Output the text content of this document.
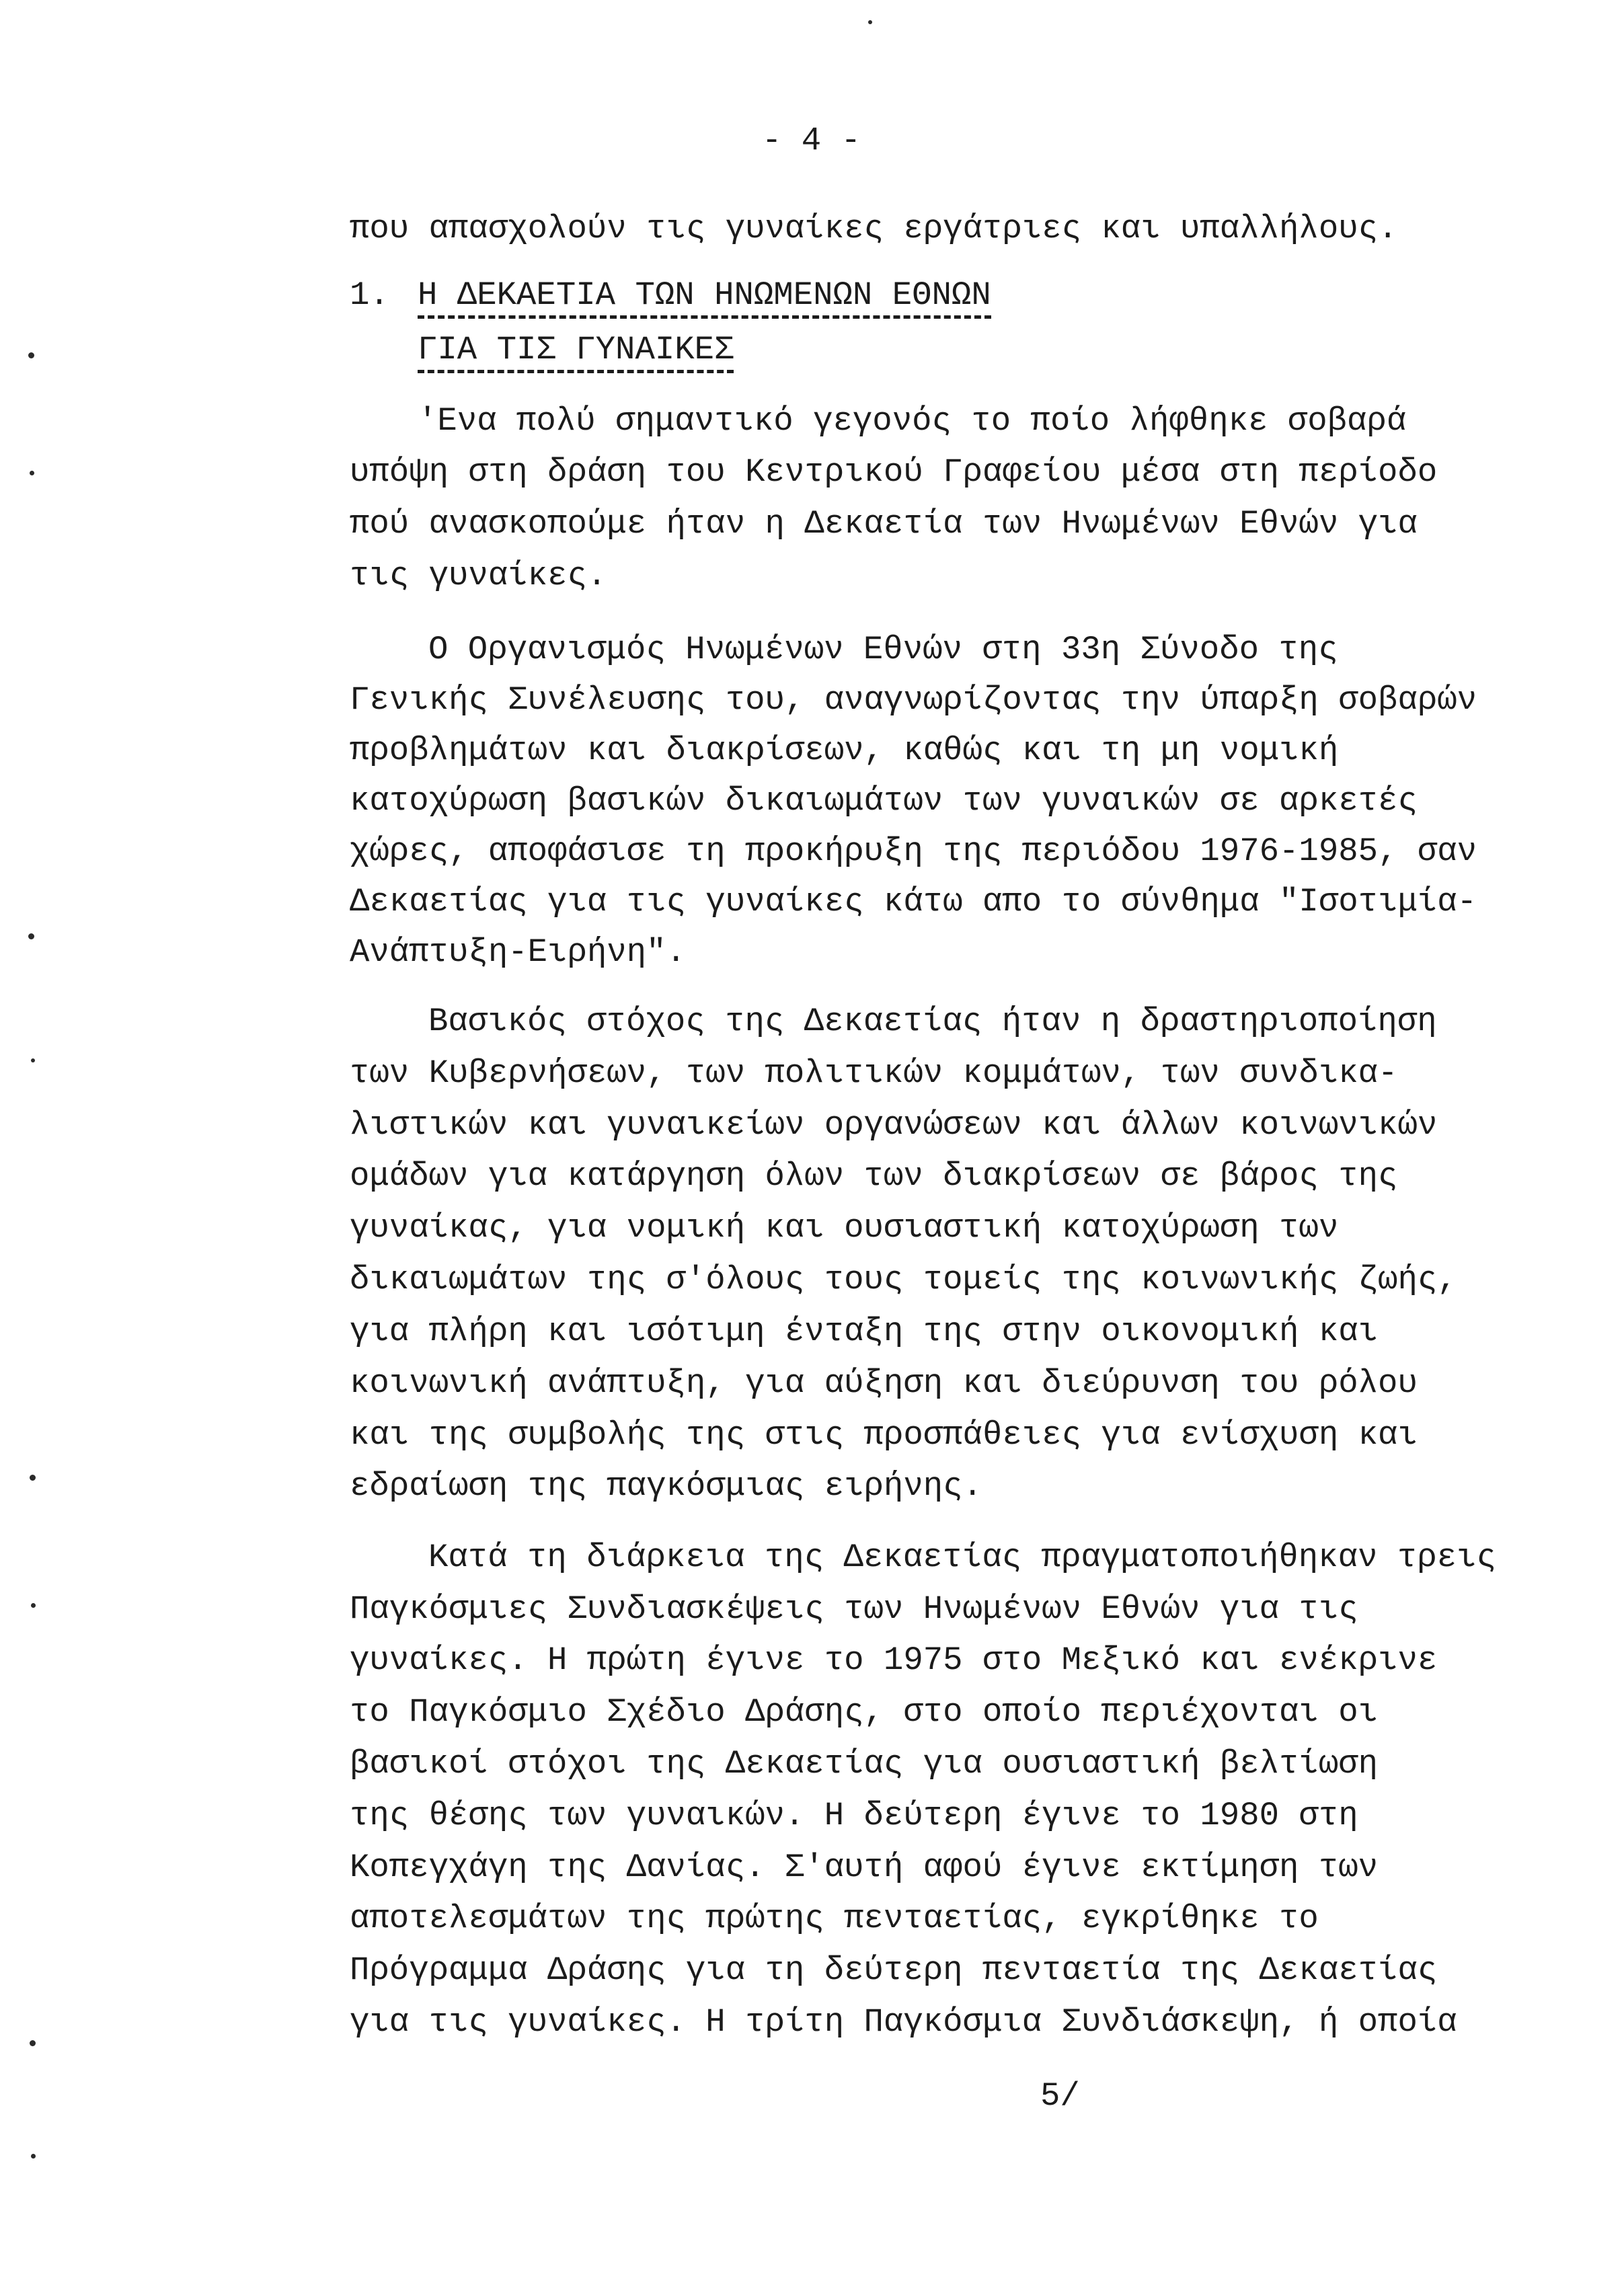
- 4 -
που απασχολούν τις γυναίκες εργάτριες και υπαλλήλους.
1. Η ΔΕΚΑΕΤΙΑ ΤΩΝ ΗΝΩΜΕΝΩΝ ΕΘΝΩΝ
ΓΙΑ ΤΙΣ ΓΥΝΑΙΚΕΣ
'Ενα πολύ σημαντικό γεγονός το ποίο λήφθηκε σοβαρά
υπόψη στη δράση του Κεντρικού Γραφείου μέσα στη περίοδο
πού ανασκοπούμε ήταν η Δεκαετία των Ηνωμένων Εθνών για
τις γυναίκες.
Ο Οργανισμός Ηνωμένων Εθνών στη 33η Σύνοδο της
Γενικής Συνέλευσης του, αναγνωρίζοντας την ύπαρξη σοβαρών
προβλημάτων και διακρίσεων, καθώς και τη μη νομική
κατοχύρωση βασικών δικαιωμάτων των γυναικών σε αρκετές
χώρες, αποφάσισε τη προκήρυξη της περιόδου 1976-1985, σαν
Δεκαετίας για τις γυναίκες κάτω απο το σύνθημα "Ισοτιμία-
Ανάπτυξη-Ειρήνη".
Βασικός στόχος της Δεκαετίας ήταν η δραστηριοποίηση
των Κυβερνήσεων, των πολιτικών κομμάτων, των συνδικα-
λιστικών και γυναικείων οργανώσεων και άλλων κοινωνικών
ομάδων για κατάργηση όλων των διακρίσεων σε βάρος της
γυναίκας, για νομική και ουσιαστική κατοχύρωση των
δικαιωμάτων της σ'όλους τους τομείς της κοινωνικής ζωής,
για πλήρη και ισότιμη ένταξη της στην οικονομική και
κοινωνική ανάπτυξη, για αύξηση και διεύρυνση του ρόλου
και της συμβολής της στις προσπάθειες για ενίσχυση και
εδραίωση της παγκόσμιας ειρήνης.
Κατά τη διάρκεια της Δεκαετίας πραγματοποιήθηκαν τρεις
Παγκόσμιες Συνδιασκέψεις των Ηνωμένων Εθνών για τις
γυναίκες. Η πρώτη έγινε το 1975 στο Μεξικό και ενέκρινε
το Παγκόσμιο Σχέδιο Δράσης, στο οποίο περιέχονται οι
βασικοί στόχοι της Δεκαετίας για ουσιαστική βελτίωση
της θέσης των γυναικών. Η δεύτερη έγινε το 1980 στη
Κοπεγχάγη της Δανίας. Σ'αυτή αφού έγινε εκτίμηση των
αποτελεσμάτων της πρώτης πενταετίας, εγκρίθηκε το
Πρόγραμμα Δράσης για τη δεύτερη πενταετία της Δεκαετίας
για τις γυναίκες. Η τρίτη Παγκόσμια Συνδιάσκεψη, ή οποία
5/
